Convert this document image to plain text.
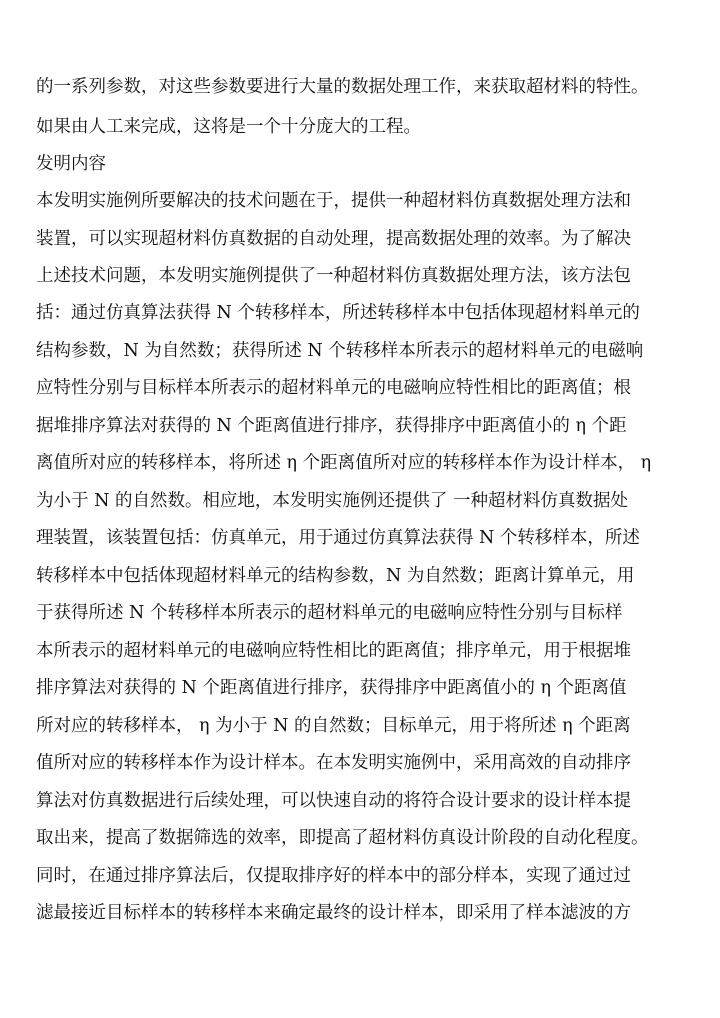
的一系列参数，对这些参数要进行大量的数据处理工作，来获取超材料的特性。
如果由人工来完成，这将是一个十分庞大的工程。
发明内容
本发明实施例所要解决的技术问题在于，提供一种超材料仿真数据处理方法和
装置，可以实现超材料仿真数据的自动处理，提高数据处理的效率。为了解决
上述技术问题，本发明实施例提供了一种超材料仿真数据处理方法，该方法包
括：通过仿真算法获得 N 个转移样本，所述转移样本中包括体现超材料单元的
结构参数，N 为自然数；获得所述 N 个转移样本所表示的超材料单元的电磁响
应特性分别与目标样本所表示的超材料单元的电磁响应特性相比的距离值；根
据堆排序算法对获得的 N 个距离值进行排序，获得排序中距离值小的 η 个距
离值所对应的转移样本，将所述 η 个距离值所对应的转移样本作为设计样本， η
为小于 N 的自然数。相应地，本发明实施例还提供了 一种超材料仿真数据处
理装置，该装置包括：仿真单元，用于通过仿真算法获得 N 个转移样本，所述
转移样本中包括体现超材料单元的结构参数，N 为自然数；距离计算单元，用
于获得所述 N 个转移样本所表示的超材料单元的电磁响应特性分别与目标样
本所表示的超材料单元的电磁响应特性相比的距离值；排序单元，用于根据堆
排序算法对获得的 N 个距离值进行排序，获得排序中距离值小的 η 个距离值
所对应的转移样本， η 为小于 N 的自然数；目标单元，用于将所述 η 个距离
值所对应的转移样本作为设计样本。在本发明实施例中，采用高效的自动排序
算法对仿真数据进行后续处理，可以快速自动的将符合设计要求的设计样本提
取出来，提高了数据筛选的效率，即提高了超材料仿真设计阶段的自动化程度。
同时，在通过排序算法后，仅提取排序好的样本中的部分样本，实现了通过过
滤最接近目标样本的转移样本来确定最终的设计样本，即采用了样本滤波的方
